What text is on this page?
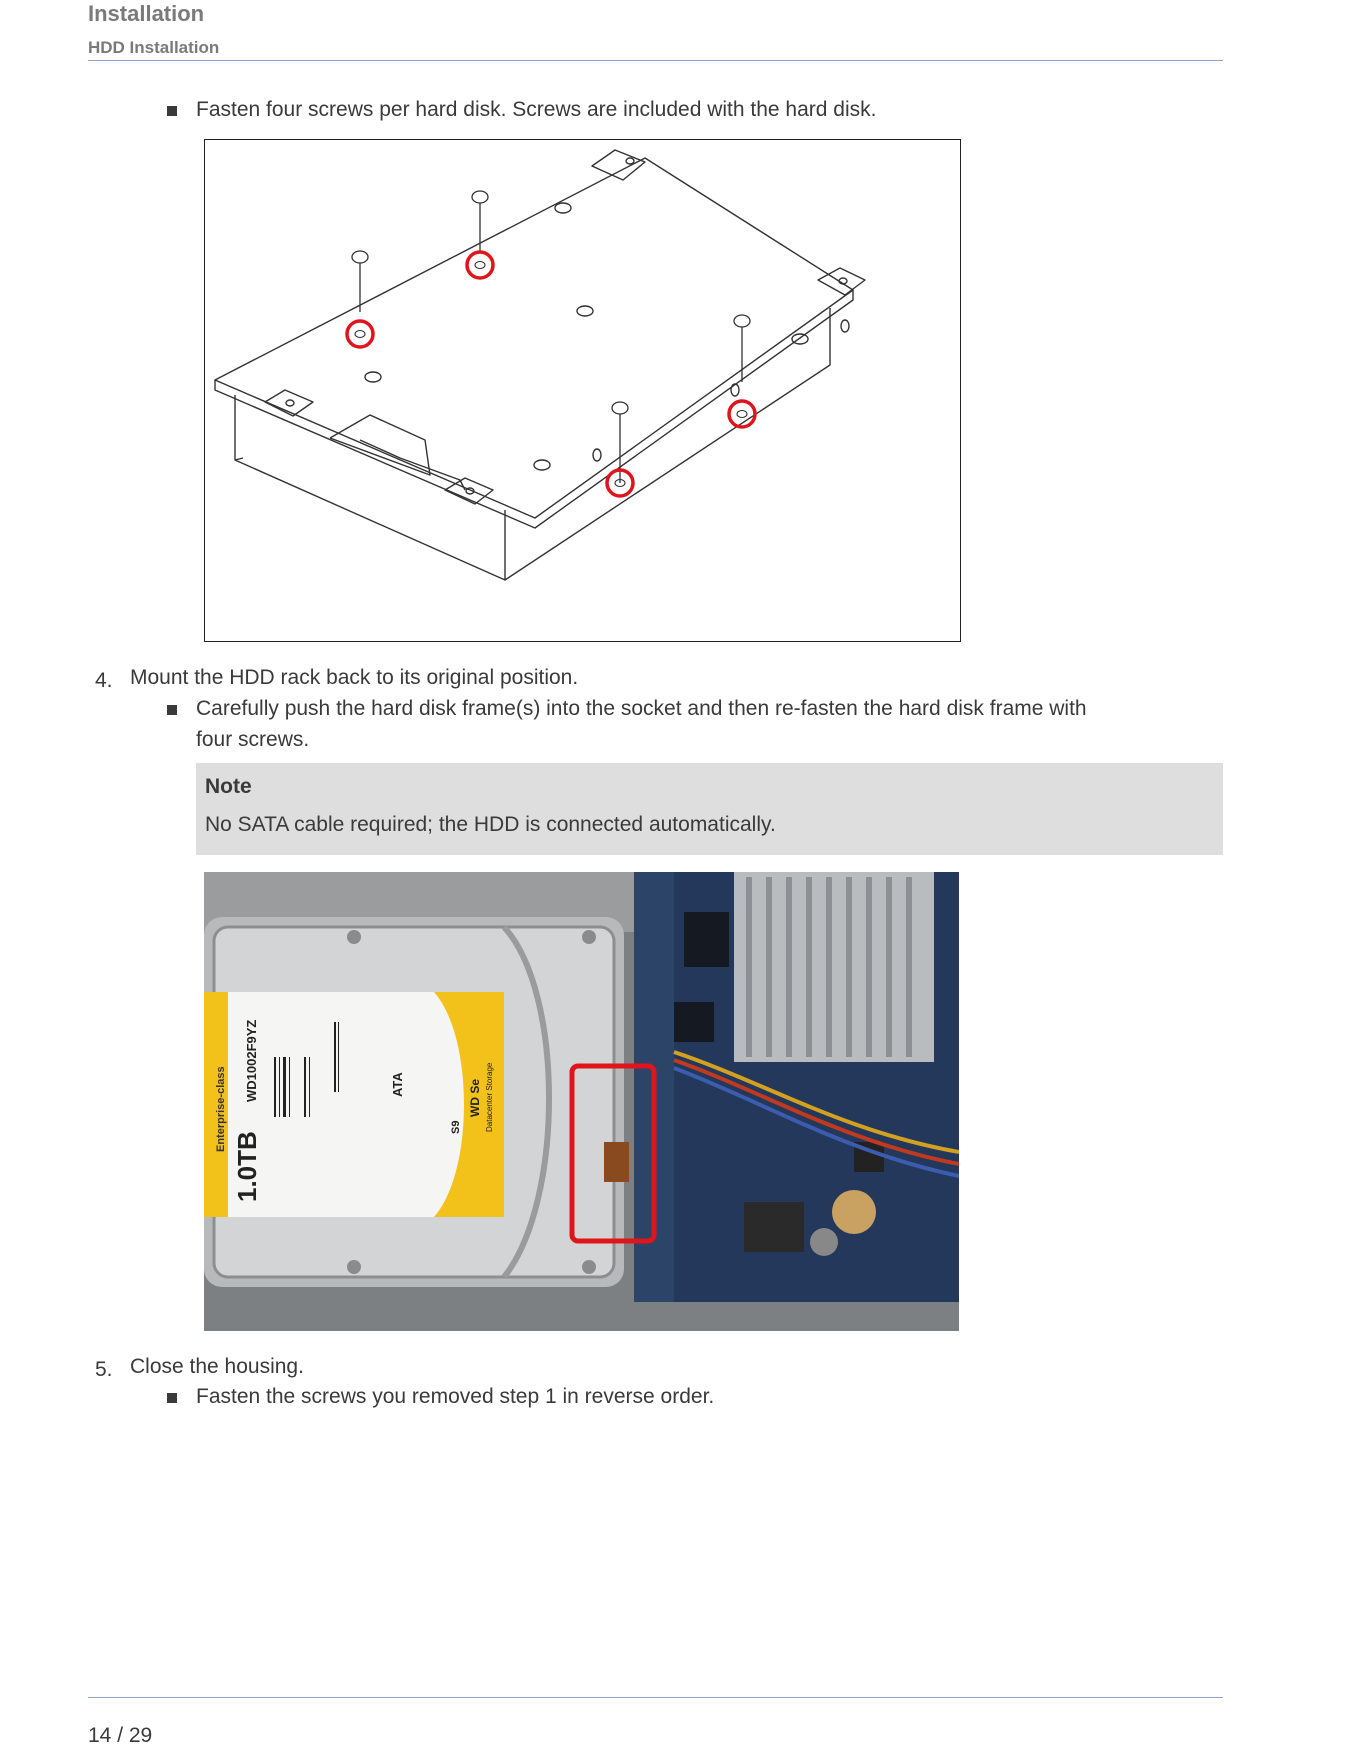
Installation
HDD Installation
Fasten four screws per hard disk. Screws are included with the hard disk.
4. Mount the HDD rack back to its original position.
Carefully push the hard disk frame(s) into the socket and then re-fasten the hard disk frame with
four screws.
Note
No SATA cable required; the HDD is connected automatically.
1.0TB
Enterprise-class
WD1002F9YZ	WD Se Datacenter Storage
ATA
S9
5. Close the housing.
Fasten the screws you removed step 1 in reverse order.
14 / 29
